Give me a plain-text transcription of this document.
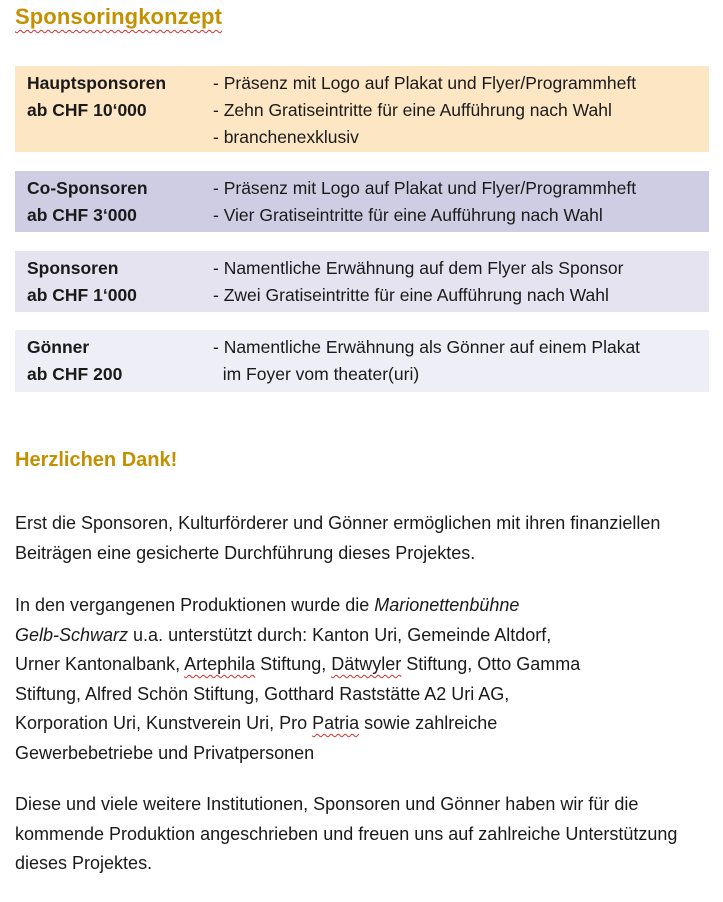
Sponsoringkonzept
Hauptsponsoren
ab CHF 10‘000
- Präsenz mit Logo auf Plakat und Flyer/Programmheft
- Zehn Gratiseintritte für eine Aufführung nach Wahl
- branchenexklusiv
Co-Sponsoren
ab CHF 3‘000
- Präsenz mit Logo auf Plakat und Flyer/Programmheft
- Vier Gratiseintritte für eine Aufführung nach Wahl
Sponsoren
ab CHF 1‘000
- Namentliche Erwähnung auf dem Flyer als Sponsor
- Zwei Gratiseintritte für eine Aufführung nach Wahl
Gönner
ab CHF 200
- Namentliche Erwähnung als Gönner auf einem Plakat
im Foyer vom theater(uri)
Herzlichen Dank!
Erst die Sponsoren, Kulturförderer und Gönner ermöglichen mit ihren finanziellen Beiträgen eine gesicherte Durchführung dieses Projektes.
In den vergangenen Produktionen wurde die Marionettenbühne
Gelb-Schwarz u.a. unterstützt durch: Kanton Uri, Gemeinde Altdorf,
Urner Kantonalbank, Artephila Stiftung, Dätwyler Stiftung, Otto Gamma
Stiftung, Alfred Schön Stiftung, Gotthard Raststätte A2 Uri AG,
Korporation Uri, Kunstverein Uri, Pro Patria sowie zahlreiche
Gewerbebetriebe und Privatpersonen
Diese und viele weitere Institutionen, Sponsoren und Gönner haben wir für die kommende Produktion angeschrieben und freuen uns auf zahlreiche Unterstützung dieses Projektes.
